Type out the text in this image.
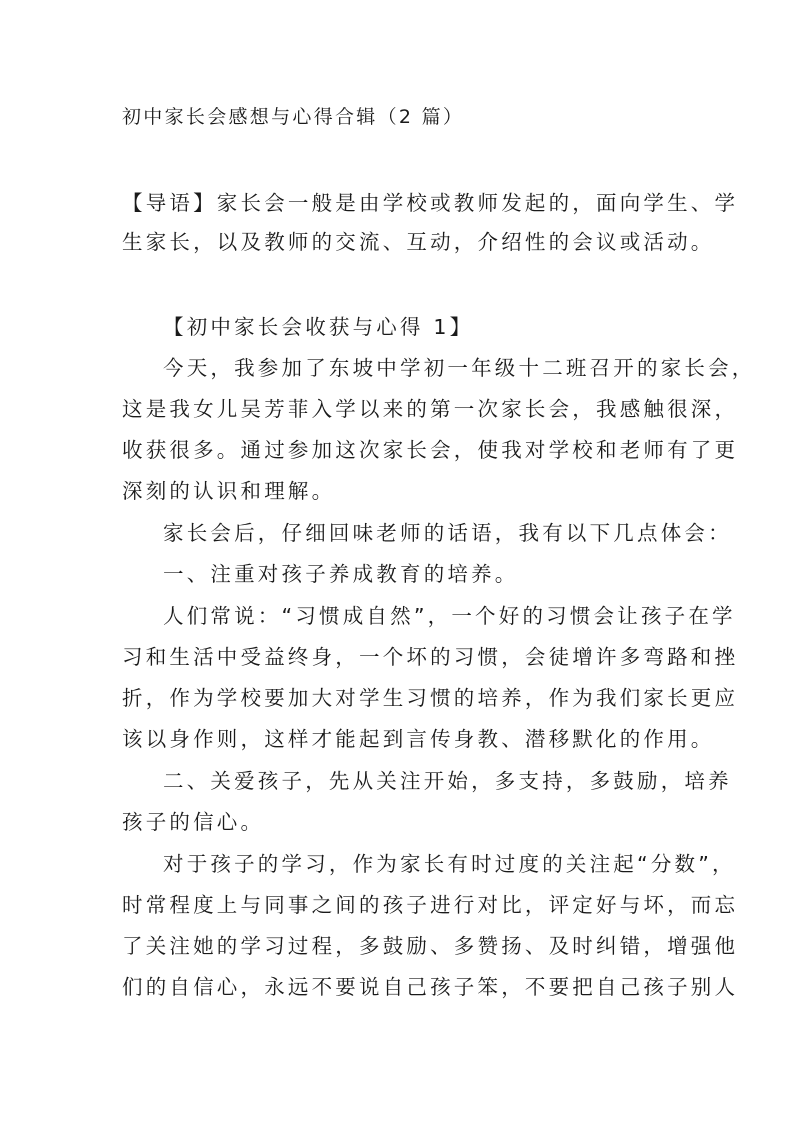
初中家长会感想与心得合辑（2 篇）
【导语】家长会一般是由学校或教师发起的，面向学生、学
生家长，以及教师的交流、互动，介绍性的会议或活动。
【初中家长会收获与心得 1】
今天，我参加了东坡中学初一年级十二班召开的家长会，
这是我女儿吴芳菲入学以来的第一次家长会，我感触很深，
收获很多。通过参加这次家长会，使我对学校和老师有了更
深刻的认识和理解。
家长会后，仔细回味老师的话语，我有以下几点体会：
一、注重对孩子养成教育的培养。
人们常说：“习惯成自然”，一个好的习惯会让孩子在学
习和生活中受益终身，一个坏的习惯，会徒增许多弯路和挫
折，作为学校要加大对学生习惯的培养，作为我们家长更应
该以身作则，这样才能起到言传身教、潜移默化的作用。
二、关爱孩子，先从关注开始，多支持，多鼓励，培养
孩子的信心。
对于孩子的学习，作为家长有时过度的关注起“分数”，
时常程度上与同事之间的孩子进行对比，评定好与坏，而忘
了关注她的学习过程，多鼓励、多赞扬、及时纠错，增强他
们的自信心，永远不要说自己孩子笨，不要把自己孩子别人
